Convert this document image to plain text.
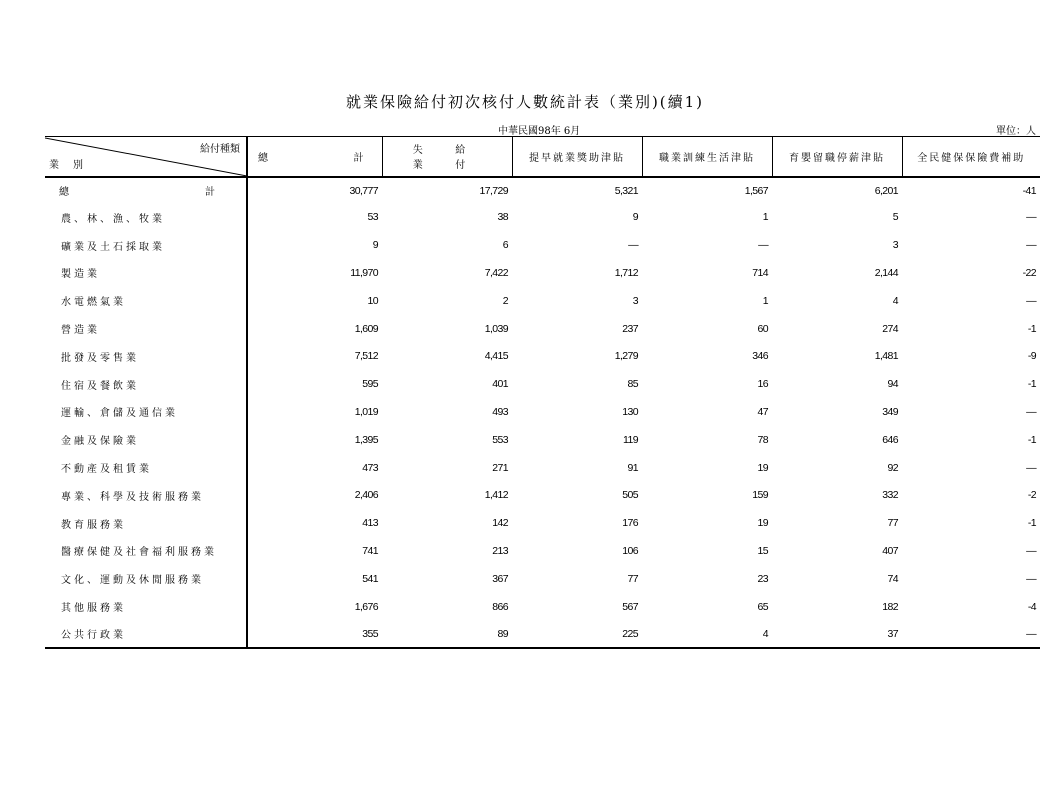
就業保險給付初次核付人數統計表（業別)(續1)
中華民國98年 6月	單位：人
給付種類
業別	總 計	失業
給付	提早就業獎助津貼	職業訓練生活津貼	育嬰留職停薪津貼	全民健保保險費補助

總 計	30,777	17,729	5,321	1,567	6,201	-41
農、林、漁、牧業	53	38	9	1	5	—
礦業及土石採取業	9	6	—	—	3	—
製造業	11,970	7,422	1,712	714	2,144	-22
水電燃氣業	10	2	3	1	4	—
營造業	1,609	1,039	237	60	274	-1
批發及零售業	7,512	4,415	1,279	346	1,481	-9
住宿及餐飲業	595	401	85	16	94	-1
運輸、倉儲及通信業	1,019	493	130	47	349	—
金融及保險業	1,395	553	119	78	646	-1
不動產及租賃業	473	271	91	19	92	—
專業、科學及技術服務業	2,406	1,412	505	159	332	-2
教育服務業	413	142	176	19	77	-1
醫療保健及社會福利服務業	741	213	106	15	407	—
文化、運動及休閒服務業	541	367	77	23	74	—
其他服務業	1,676	866	567	65	182	-4
公共行政業	355	89	225	4	37	—
